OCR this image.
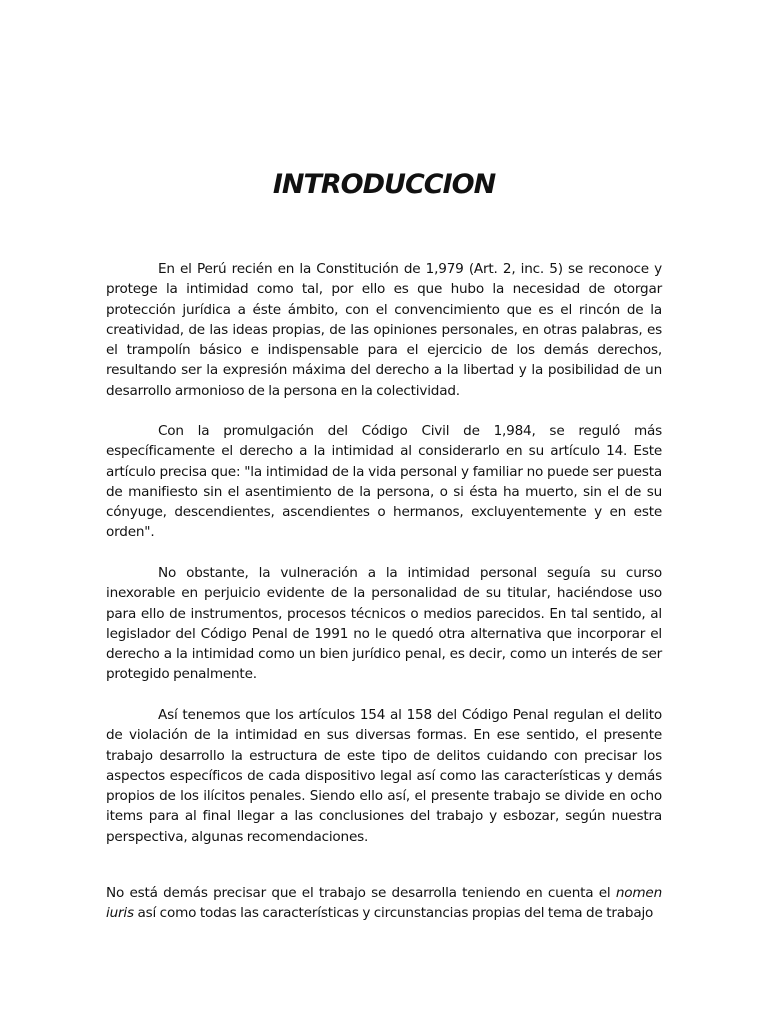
INTRODUCCION

En el Perú recién en la Constitución de 1,979 (Art. 2, inc. 5) se reconoce y protege la intimidad como tal, por ello es que hubo la necesidad de otorgar protección jurídica a éste ámbito, con el convencimiento que es el rincón de la creatividad, de las ideas propias, de las opiniones personales, en otras palabras, es el trampolín básico e indispensable para el ejercicio de los demás derechos, resultando ser la expresión máxima del derecho a la libertad y la posibilidad de un desarrollo armonioso de la persona en la colectividad.

Con la promulgación del Código Civil de 1,984, se reguló más específicamente el derecho a la intimidad al considerarlo en su artículo 14. Este artículo precisa que: "la intimidad de la vida personal y familiar no puede ser puesta de manifiesto sin el asentimiento de la persona, o si ésta ha muerto, sin el de su cónyuge, descendientes, ascendientes o hermanos, excluyentemente y en este orden".

No obstante, la vulneración a la intimidad personal seguía su curso inexorable en perjuicio evidente de la personalidad de su titular, haciéndose uso para ello de instrumentos, procesos técnicos o medios parecidos. En tal sentido, al legislador del Código Penal de 1991 no le quedó otra alternativa que incorporar el derecho a la intimidad como un bien jurídico penal, es decir, como un interés de ser protegido penalmente.

Así tenemos que los artículos 154 al 158 del Código Penal regulan el delito de violación de la intimidad en sus diversas formas. En ese sentido, el presente trabajo desarrollo la estructura de este tipo de delitos cuidando con precisar los aspectos específicos de cada dispositivo legal así como las características y demás propios de los ilícitos penales. Siendo ello así, el presente trabajo se divide en ocho items para al final llegar a las conclusiones del trabajo y esbozar, según nuestra perspectiva, algunas recomendaciones.

No está demás precisar que el trabajo se desarrolla teniendo en cuenta el nomen iuris así como todas las características y circunstancias propias del tema de trabajo
